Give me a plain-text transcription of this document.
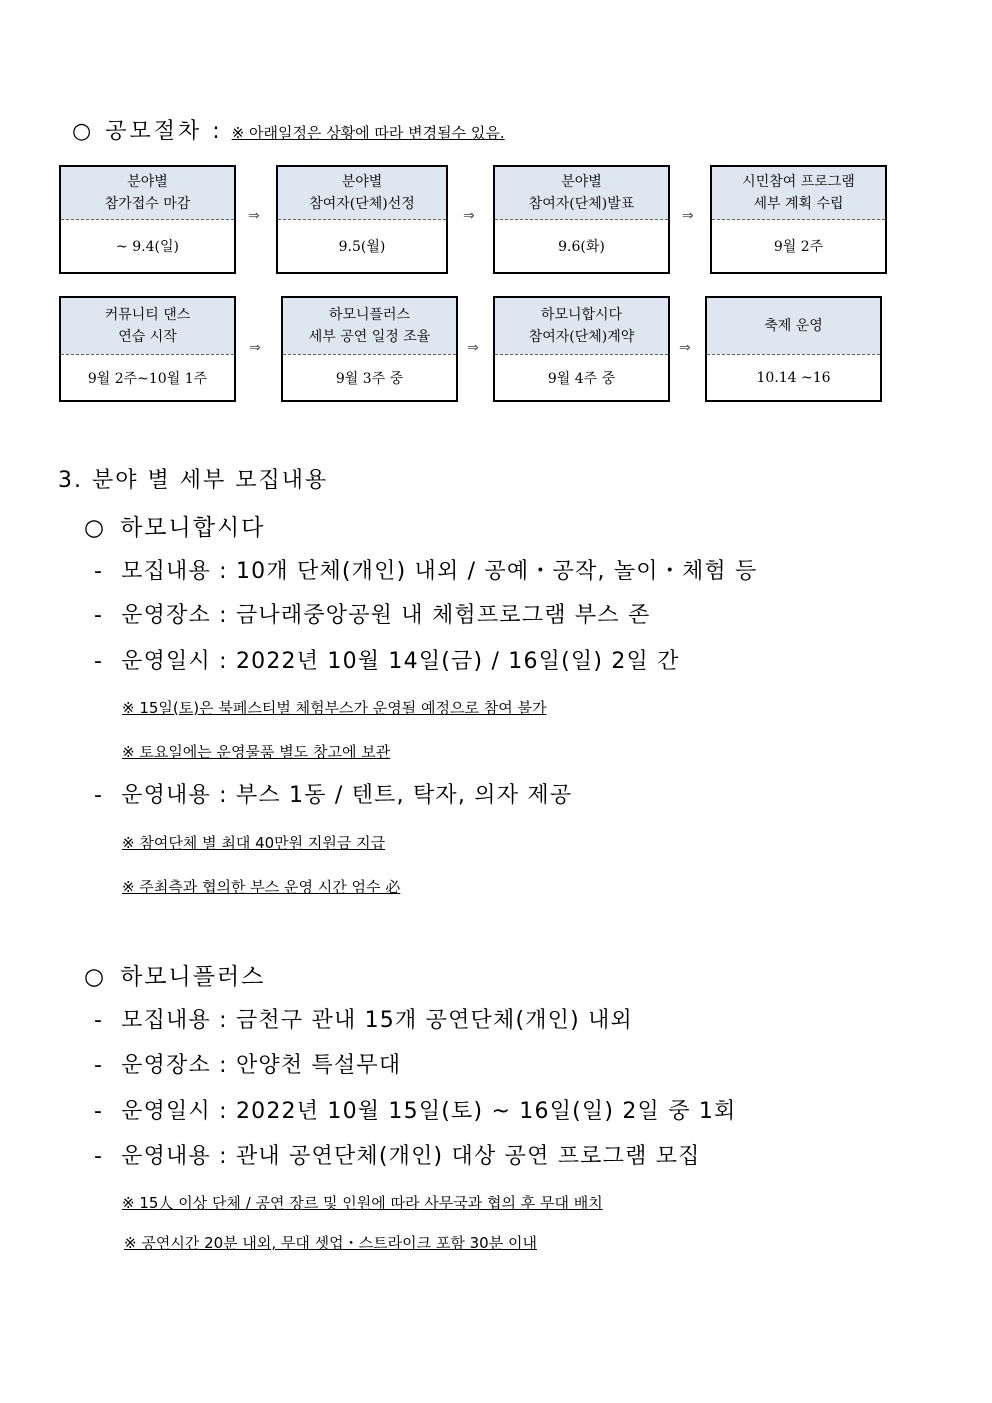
○ 공모절차 : ※ 아래일정은 상황에 따라 변경될수 있음.
분야별
참가접수 마감
~ 9.4(일)
⇒
분야별
참여자(단체)선정
9.5(월)
⇒
분야별
참여자(단체)발표
9.6(화)
⇒
시민참여 프로그램
세부 계획 수립
9월 2주
커뮤니티 댄스
연습 시작
9월 2주~10월 1주
⇒
하모니플러스
세부 공연 일정 조율
9월 3주 중
⇒
하모니합시다
참여자(단체)계약
9월 4주 중
⇒
축제 운영
10.14 ~16
3. 분야 별 세부 모집내용
○ 하모니합시다
- 모집내용 : 10개 단체(개인) 내외 / 공예・공작, 놀이・체험 등
- 운영장소 : 금나래중앙공원 내 체험프로그램 부스 존
- 운영일시 : 2022년 10월 14일(금) / 16일(일) 2일 간
※ 15일(토)은 북페스티벌 체험부스가 운영될 예정으로 참여 불가
※ 토요일에는 운영물품 별도 창고에 보관
- 운영내용 : 부스 1동 / 텐트, 탁자, 의자 제공
※ 참여단체 별 최대 40만원 지원금 지급
※ 주최측과 협의한 부스 운영 시간 엄수 必
○ 하모니플러스
- 모집내용 : 금천구 관내 15개 공연단체(개인) 내외
- 운영장소 : 안양천 특설무대
- 운영일시 : 2022년 10월 15일(토) ~ 16일(일) 2일 중 1회
- 운영내용 : 관내 공연단체(개인) 대상 공연 프로그램 모집
※ 15人 이상 단체 / 공연 장르 및 인원에 따라 사무국과 협의 후 무대 배치
※ 공연시간 20분 내외, 무대 셋업・스트라이크 포함 30분 이내
